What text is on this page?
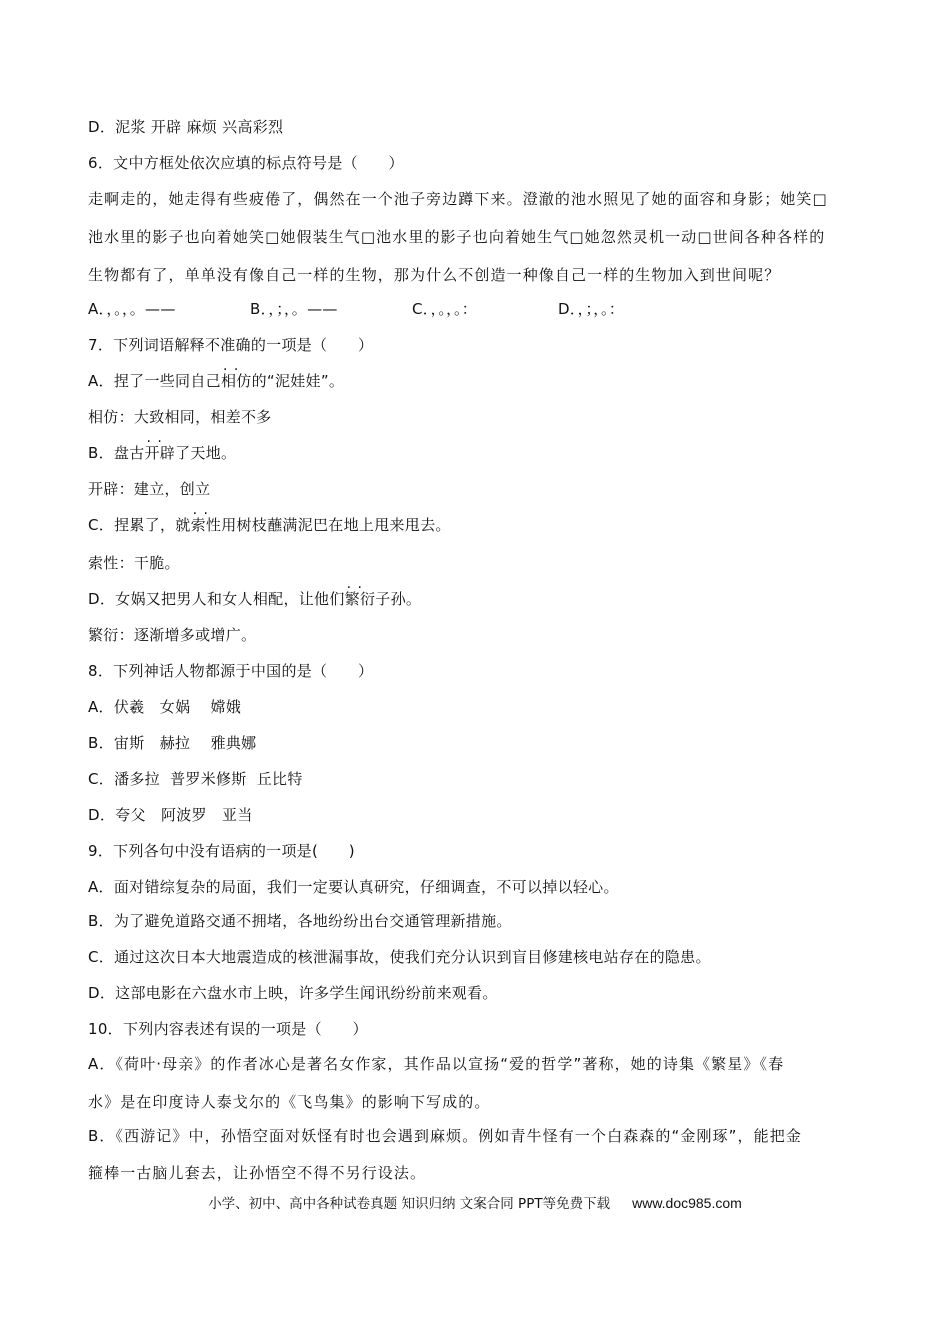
D．泥浆 开辟 麻烦 兴高彩烈
6．文中方框处依次应填的标点符号是（　　）
走啊走的，她走得有些疲倦了，偶然在一个池子旁边蹲下来。澄澈的池水照见了她的面容和身影；她笑□
池水里的影子也向着她笑□她假装生气□池水里的影子也向着她生气□她忽然灵机一动□世间各种各样的
生物都有了，单单没有像自己一样的生物，那为什么不创造一种像自己一样的生物加入到世间呢？
A．，。，。——	B．，；，。——	C．，。，。：	D．，；，。：
7．下列词语解释不准确的一项是（　　）
A．捏了一些同自己· · 相仿的“泥娃娃”。
相仿：大致相同，相差不多
B．盘古· · 开辟了天地。
开辟：建立，创立
C．捏累了，就· · 索性用树枝蘸满泥巴在地上甩来甩去。
索性：干脆。
D．女娲又把男人和女人相配，让他们· · 繁衍子孙。
繁衍：逐渐增多或增广。
8．下列神话人物都源于中国的是（　　）
A．伏羲   女娲    嫦娥
B．宙斯   赫拉    雅典娜
C．潘多拉  普罗米修斯  丘比特
D．夸父   阿波罗   亚当
9．下列各句中没有语病的一项是(　　)
A．面对错综复杂的局面，我们一定要认真研究，仔细调查，不可以掉以轻心。
B．为了避免道路交通不拥堵，各地纷纷出台交通管理新措施。
C．通过这次日本大地震造成的核泄漏事故，使我们充分认识到盲目修建核电站存在的隐患。
D．这部电影在六盘水市上映，许多学生闻讯纷纷前来观看。
10．下列内容表述有误的一项是（　　）
A．《荷叶·母亲》的作者冰心是著名女作家，其作品以宣扬“爱的哲学”著称，她的诗集《繁星》《春
水》是在印度诗人泰戈尔的《飞鸟集》的影响下写成的。
B．《西游记》中，孙悟空面对妖怪有时也会遇到麻烦。例如青牛怪有一个白森森的“金刚琢”，能把金
箍棒一古脑儿套去，让孙悟空不得不另行设法。
小学、初中、高中各种试卷真题 知识归纳 文案合同 PPT等免费下载 www.doc985.com
